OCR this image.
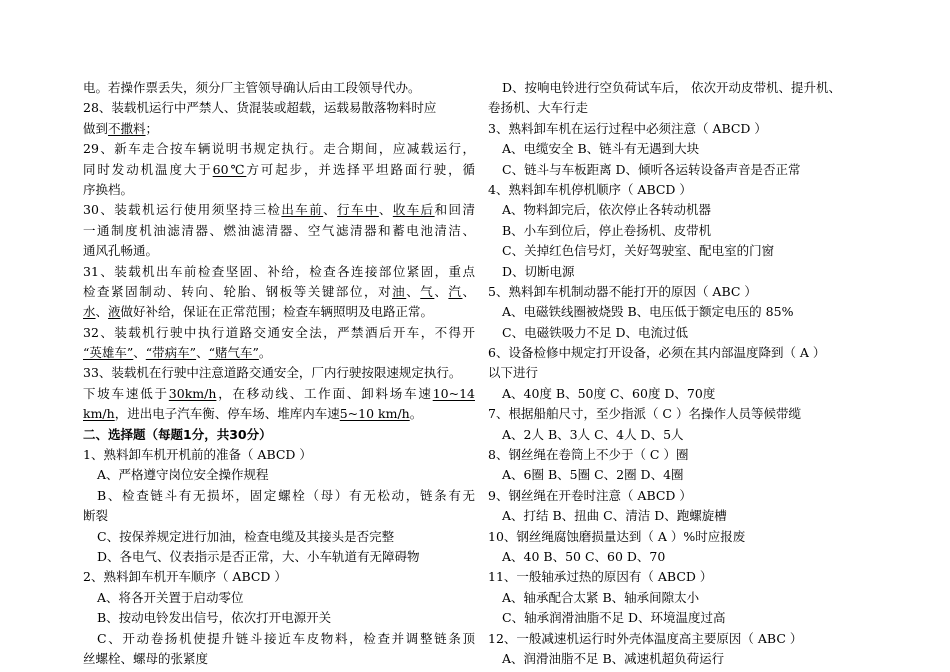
电。若操作票丢失，须分厂主管领导确认后由工段领导代办。
28、装载机运行中严禁人、货混装或超载，运载易散落物料时应
做到不撒料；
29、新车走合按车辆说明书规定执行。走合期间，应减载运行，
同时发动机温度大于60℃方可起步，并选择平坦路面行驶，循
序换档。
30、装载机运行使用须坚持三检出车前、行车中、收车后和回清
一通制度机油滤清器、燃油滤清器、空气滤清器和蓄电池清洁、
通风孔畅通。
31、装载机出车前检查坚固、补给，检查各连接部位紧固，重点
检查紧固制动、转向、轮胎、钢板等关键部位，对油、气、汽、
水、液做好补给，保证在正常范围；检查车辆照明及电路正常。
32、装载机行驶中执行道路交通安全法，严禁酒后开车，不得开
“英雄车”、“带病车”、“赌气车”。
33、装载机在行驶中注意道路交通安全，厂内行驶按限速规定执行。
下坡车速低于30km/h，在移动线、工作面、卸料场车速10~14
km/h，进出电子汽车衡、停车场、堆库内车速5~10 km/h。
二、选择题（每题1分，共30分）
1、熟料卸车机开机前的准备（ ABCD ）
A、严格遵守岗位安全操作规程
B、检查链斗有无损坏，固定螺栓（母）有无松动，链条有无
断裂
C、按保养规定进行加油，检查电缆及其接头是否完整
D、各电气、仪表指示是否正常，大、小车轨道有无障碍物
2、熟料卸车机开车顺序（ ABCD ）
A、将各开关置于启动零位
B、按动电铃发出信号，依次打开电源开关
C、开动卷扬机使提升链斗接近车皮物料，检查并调整链条顶
丝螺栓、螺母的张紧度
D、按响电铃进行空负荷试车后， 依次开动皮带机、提升机、
卷扬机、大车行走
3、熟料卸车机在运行过程中必须注意（ ABCD ）
A、电缆安全 B、链斗有无遇到大块
C、链斗与车板距离 D、倾听各运转设备声音是否正常
4、熟料卸车机停机顺序（ ABCD ）
A、物料卸完后，依次停止各转动机器
B、小车到位后，停止卷扬机、皮带机
C、关掉红色信号灯，关好驾驶室、配电室的门窗
D、切断电源
5、熟料卸车机制动器不能打开的原因（ ABC ）
A、电磁铁线圈被烧毁 B、电压低于额定电压的 85%
C、电磁铁吸力不足 D、电流过低
6、设备检修中规定打开设备，必须在其内部温度降到（ A ）
以下进行
A、40度 B、50度 C、60度 D、70度
7、根据船舶尺寸，至少指派（ C ）名操作人员等候带缆
A、2人 B、3人 C、4人 D、5人
8、钢丝绳在卷筒上不少于（ C ）圈
A、6圈 B、5圈 C、2圈 D、4圈
9、钢丝绳在开卷时注意（ ABCD ）
A、打结 B、扭曲 C、清洁 D、跑螺旋槽
10、钢丝绳腐蚀磨损量达到（ A ）%时应报废
A、40 B、50 C、60 D、70
11、一般轴承过热的原因有（ ABCD ）
A、轴承配合太紧 B、轴承间隙太小
C、轴承润滑油脂不足 D、环境温度过高
12、一般减速机运行时外壳体温度高主要原因（ ABC ）
A、润滑油脂不足 B、减速机超负荷运行
